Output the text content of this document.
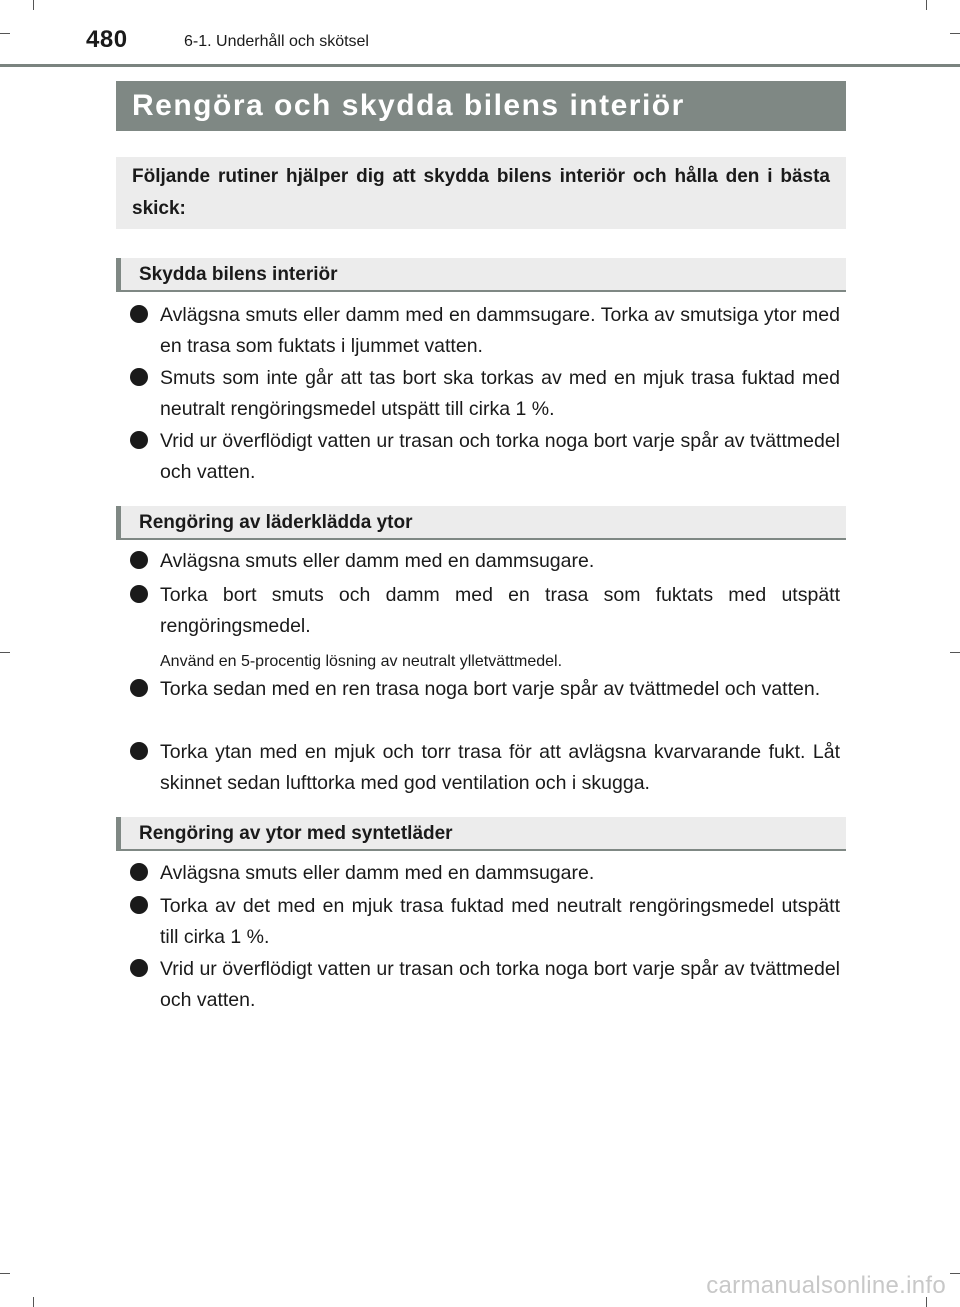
480	6-1. Underhåll och skötsel
Rengöra och skydda bilens interiör
Följande rutiner hjälper dig att skydda bilens interiör och hålla den i bästa skick:
Skydda bilens interiör
Avlägsna smuts eller damm med en dammsugare. Torka av smutsiga ytor med en trasa som fuktats i ljummet vatten.
Smuts som inte går att tas bort ska torkas av med en mjuk trasa fuktad med neutralt rengöringsmedel utspätt till cirka 1 %.
Vrid ur överflödigt vatten ur trasan och torka noga bort varje spår av tvättmedel och vatten.
Rengöring av läderklädda ytor
Avlägsna smuts eller damm med en dammsugare.
Torka bort smuts och damm med en trasa som fuktats med utspätt rengöringsmedel.
Använd en 5-procentig lösning av neutralt ylletvättmedel.
Torka sedan med en ren trasa noga bort varje spår av tvättmedel och vatten.
Torka ytan med en mjuk och torr trasa för att avlägsna kvarvarande fukt. Låt skinnet sedan lufttorka med god ventilation och i skugga.
Rengöring av ytor med syntetläder
Avlägsna smuts eller damm med en dammsugare.
Torka av det med en mjuk trasa fuktad med neutralt rengöringsmedel utspätt till cirka 1 %.
Vrid ur överflödigt vatten ur trasan och torka noga bort varje spår av tvättmedel och vatten.
carmanualsonline.info
